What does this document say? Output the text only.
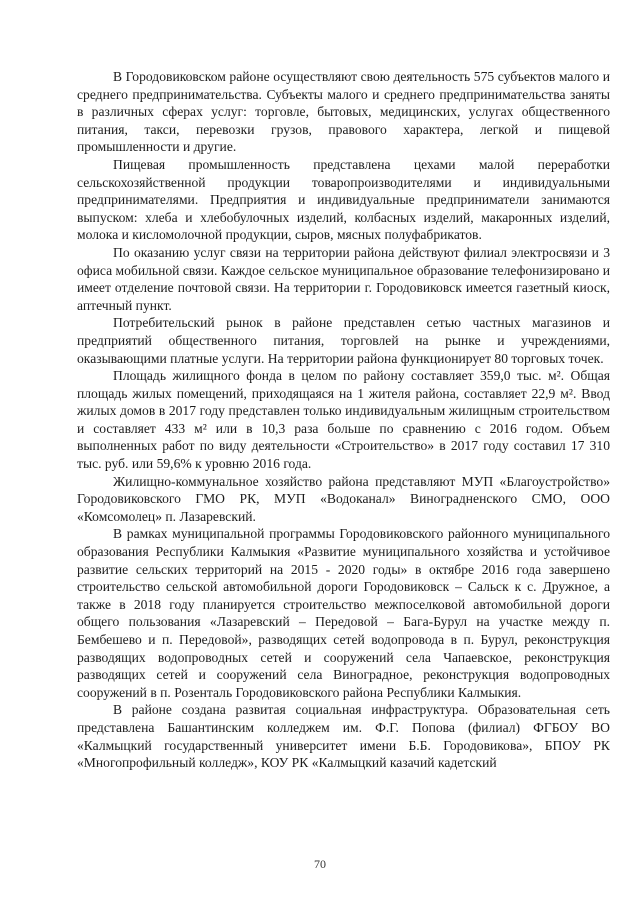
В Городовиковском районе осуществляют свою деятельность 575 субъектов малого и среднего предпринимательства. Субъекты малого и среднего предпринимательства заняты в различных сферах услуг: торговле, бытовых, медицинских, услугах общественного питания, такси, перевозки грузов, правового характера, легкой и пищевой промышленности и другие.

Пищевая промышленность представлена цехами малой переработки сельскохозяйственной продукции товаропроизводителями и индивидуальными предпринимателями. Предприятия и индивидуальные предприниматели занимаются выпуском: хлеба и хлебобулочных изделий, колбасных изделий, макаронных изделий, молока и кисломолочной продукции, сыров, мясных полуфабрикатов.

По оказанию услуг связи на территории района действуют филиал электросвязи и 3 офиса мобильной связи. Каждое сельское муниципальное образование телефонизировано и имеет отделение почтовой связи. На территории г. Городовиковск имеется газетный киоск, аптечный пункт.

Потребительский рынок в районе представлен сетью частных магазинов и предприятий общественного питания, торговлей на рынке и учреждениями, оказывающими платные услуги. На территории района функционирует 80 торговых точек.

Площадь жилищного фонда в целом по району составляет 359,0 тыс. м². Общая площадь жилых помещений, приходящаяся на 1 жителя района, составляет 22,9 м². Ввод жилых домов в 2017 году представлен только индивидуальным жилищным строительством и составляет 433 м² или в 10,3 раза больше по сравнению с 2016 годом. Объем выполненных работ по виду деятельности «Строительство» в 2017 году составил 17 310 тыс. руб. или 59,6% к уровню 2016 года.

Жилищно-коммунальное хозяйство района представляют МУП «Благоустройство» Городовиковского ГМО РК, МУП «Водоканал» Виноградненского СМО, ООО «Комсомолец» п. Лазаревский.

В рамках муниципальной программы Городовиковского районного муниципального образования Республики Калмыкия «Развитие муниципального хозяйства и устойчивое развитие сельских территорий на 2015 - 2020 годы» в октябре 2016 года завершено строительство сельской автомобильной дороги Городовиковск – Сальск к с. Дружное, а также в 2018 году планируется строительство межпоселковой автомобильной дороги общего пользования «Лазаревский – Передовой – Бага-Бурул на участке между п. Бембешево и п. Передовой», разводящих сетей водопровода в п. Бурул, реконструкция разводящих водопроводных сетей и сооружений села Чапаевское, реконструкция разводящих сетей и сооружений села Виноградное, реконструкция водопроводных сооружений в п. Розенталь Городовиковского района Республики Калмыкия.

В районе создана развитая социальная инфраструктура. Образовательная сеть представлена Башантинским колледжем им. Ф.Г. Попова (филиал) ФГБОУ ВО «Калмыцкий государственный университет имени Б.Б. Городовикова», БПОУ РК «Многопрофильный колледж», КОУ РК «Калмыцкий казачий кадетский

70
